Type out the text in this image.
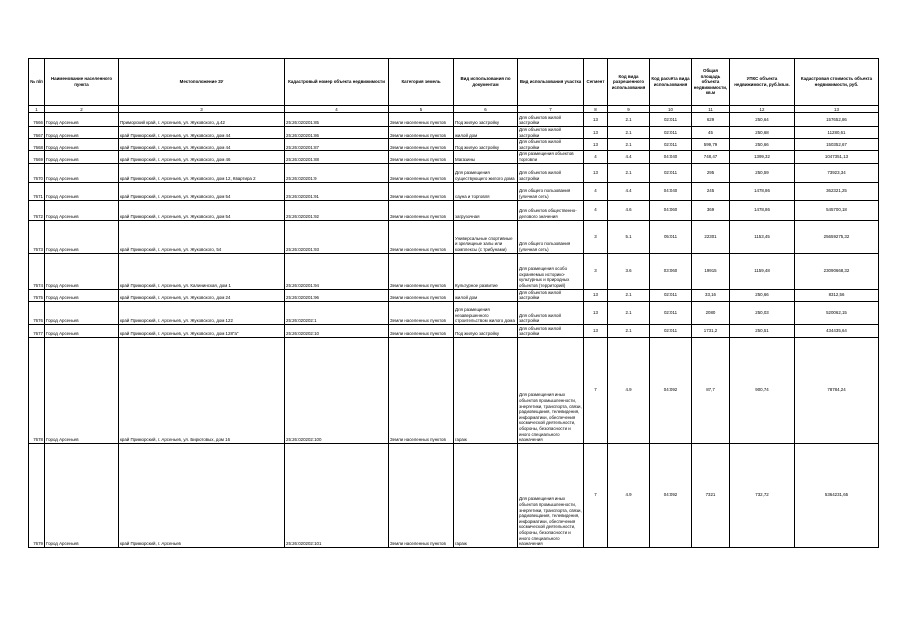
№ п/п	Наименование населенного пункта	Местоположение ЗУ	Кадастровый номер объекта недвижимости	Категория земель	Вид использования по документам	Вид использования участка	Сегмент	Код вида разрешенного использования	Код расчёта вида использования	Общая площадь объекта недвижимости, кв.м	УПКС объекта недвижимости, руб./кв.м.	Кадастровая стоимость объекта недвижимости, руб.
1	2	3	4	5	6	7	8	9	10	11	12	13
7666	Город Арсеньев	Приморский край, г. Арсеньев, ул. Жуковского, д.42	25:26:020201:85	Земли населенных пунктов	Под жилую застройку	Для объектов жилой застройки	13	2.1	02:011	629	250,64	157652,86
7667	Город Арсеньев	край Приморский, г. Арсеньев, ул. Жуковского, дом 44	25:26:020201:86	Земли населенных пунктов	жилой дом	Для объектов жилой застройки	13	2.1	02:011	45	250,68	11280,61
7668	Город Арсеньев	край Приморский, г. Арсеньев, ул. Жуковского, дом 44	25:26:020201:87	Земли населенных пунктов	Под жилую застройку	Для объектов жилой застройки	13	2.1	02:011	599,79	250,66	150352,67
7669	Город Арсеньев	край Приморский, г. Арсеньев, ул. Жуковского, дом 46	25:26:020201:88	Земли населенных пунктов	Магазины	Для размещения объектов торговли	4	4.4	04:040	748,47	1399,32	1047351,13
7670	Город Арсеньев	край Приморский, г. Арсеньев, ул. Жуковского, дом 12, Квартира 2	25:26:020201:9	Земли населенных пунктов	Для размещения существующего жилого дома	Для объектов жилой застройки	13	2.1	02:011	295	250,59	73923,34
7671	Город Арсеньев	край Приморский, г. Арсеньев, ул. Жуковского, дом 54	25:26:020201:91	Земли населенных пунктов	сауна и торговля	Для общего пользования (уличная сеть)	4	4.4	04:040	245	1478,86	362321,25
7672	Город Арсеньев	край Приморский, г. Арсеньев, ул. Жуковского, дом 54	25:26:020201:92	Земли населенных пунктов	загрузочная	Для объектов общественно-делового значения	4	4.6	04:060	369	1478,86	545700,18
7673	Город Арсеньев	край Приморский, г. Арсеньев, ул. Жуковского, 54	25:26:020201:93	Земли населенных пунктов	Универсальные спортивные и зрелищные залы или комплексы (с трибунами)	Для общего пользования (уличная сеть)	3	5.1	05:011	22301	1153,45	25659275,32
7674	Город Арсеньев	край Приморский, г. Арсеньев, ул. Калининская, дом 1	25:26:020201:94	Земли населенных пунктов	Культурное развитие	Для размещения особо охраняемых историко-культурных и природных объектов (территорий)	3	3.6	03:060	19915	1159,48	23090668,32
7675	Город Арсеньев	край Приморский, г. Арсеньев, ул. Жуковского, дом 24	25:26:020201:96	Земли населенных пунктов	жилой дом	Для объектов жилой застройки	13	2.1	02:011	33,16	250,66	8312,56
7676	Город Арсеньев	край Приморский, г. Арсеньев, ул. Жуковского, дом 122	25:26:020202:1	Земли населенных пунктов	Для размещения незавершенного строительством жилого дома	Для объектов жилой застройки	13	2.1	02:011	2080	250,03	520062,15
7677	Город Арсеньев	край Приморский, г. Арсеньев, ул. Жуковского, дом 128"а"	25:26:020202:10	Земли населенных пунктов	Под жилую застройку	Для объектов жилой застройки	13	2.1	02:011	1731,2	250,51	434435,64
7678	Город Арсеньев	край Приморский, г. Арсеньев, ул. Бирютовых, дом 16	25:26:020202:100	Земли населенных пунктов	гараж	Для размещения иных объектов промышленности, энергетики, транспорта, связи, радиовещания, телевидения, информатики, обеспечения космической деятельности, обороны, безопасности и иного специального назначения	7	4.9	04:092	87,7	900,74	78784,24
7679	Город Арсеньев	край Приморский, г. Арсеньев	25:26:020202:101	Земли населенных пунктов	гараж	Для размещения иных объектов промышленности, энергетики, транспорта, связи, радиовещания, телевидения, информатики, обеспечения космической деятельности, обороны, безопасности и иного специального назначения	7	4.9	04:092	7321	732,72	5364231,65
